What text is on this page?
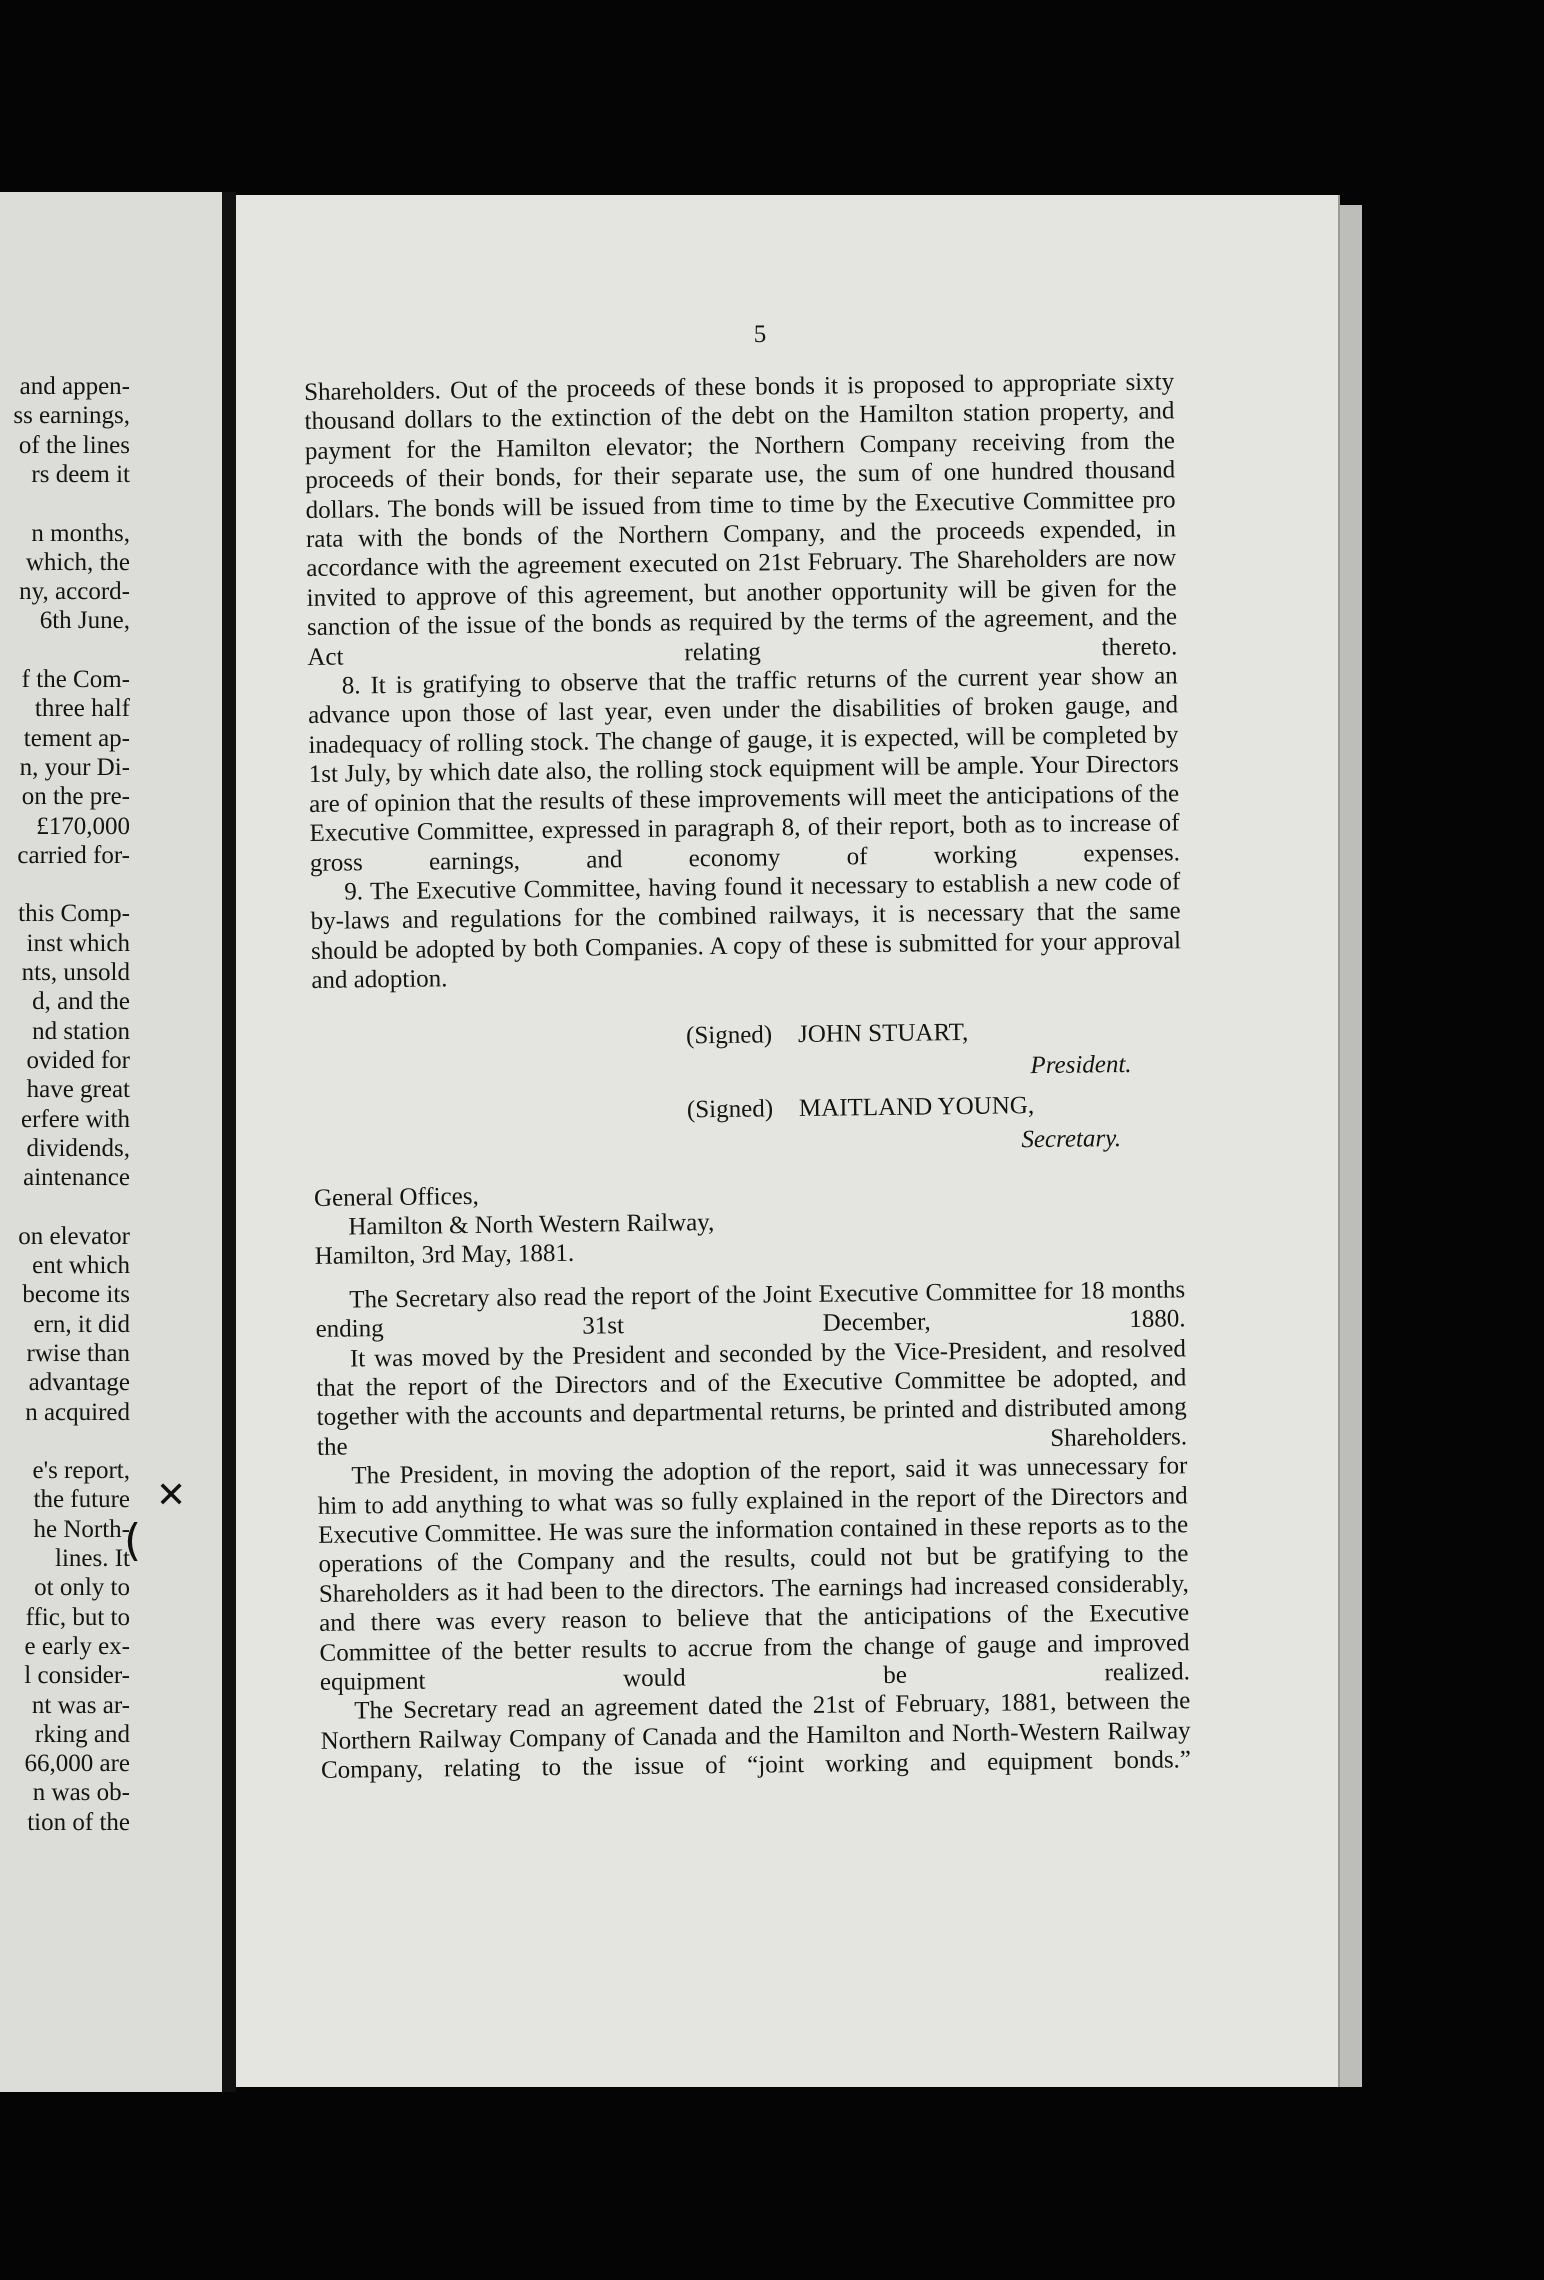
and appen-
ss earnings,
of the lines
rs deem it
n months,
which, the
ny, accord-
6th June,
f the Com-
three half
tement ap-
n, your Di-
on the pre-
£170,000
carried for-
this Comp-
inst which
nts, unsold
d, and the
nd station
ovided for
have great
erfere with
dividends,
aintenance
on elevator
ent which
become its
ern, it did
rwise than
advantage
n acquired
e's report,
the future
he North-
lines. It
ot only to
ffic, but to
e early ex-
l consider-
nt was ar-
rking and
66,000 are
n was ob-
tion of the
5

Shareholders. Out of the proceeds of these bonds it is proposed to appropriate sixty thousand dollars to the extinction of the debt on the Hamilton station property, and payment for the Hamilton elevator; the Northern Company receiving from the proceeds of their bonds, for their separate use, the sum of one hundred thousand dollars. The bonds will be issued from time to time by the Executive Committee pro rata with the bonds of the Northern Company, and the proceeds expended, in accordance with the agreement executed on 21st February. The Shareholders are now invited to approve of this agreement, but another opportunity will be given for the sanction of the issue of the bonds as required by the terms of the agreement, and the Act relating thereto.

8. It is gratifying to observe that the traffic returns of the current year show an advance upon those of last year, even under the disabilities of broken gauge, and inadequacy of rolling stock. The change of gauge, it is expected, will be completed by 1st July, by which date also, the rolling stock equipment will be ample. Your Directors are of opinion that the results of these improvements will meet the anticipations of the Executive Committee, expressed in paragraph 8, of their report, both as to increase of gross earnings, and economy of working expenses.

9. The Executive Committee, having found it necessary to establish a new code of by-laws and regulations for the combined railways, it is necessary that the same should be adopted by both Companies. A copy of these is submitted for your approval and adoption.

(Signed) JOHN STUART,
President.
(Signed) MAITLAND YOUNG,
Secretary.
General Offices,
Hamilton & North Western Railway,
Hamilton, 3rd May, 1881.

The Secretary also read the report of the Joint Executive Committee for 18 months ending 31st December, 1880.

It was moved by the President and seconded by the Vice-President, and resolved that the report of the Directors and of the Executive Committee be adopted, and together with the accounts and departmental returns, be printed and distributed among the Shareholders.

The President, in moving the adoption of the report, said it was unnecessary for him to add anything to what was so fully explained in the report of the Directors and Executive Committee. He was sure the information contained in these reports as to the operations of the Company and the results, could not but be gratifying to the Shareholders as it had been to the directors. The earnings had increased considerably, and there was every reason to believe that the anticipations of the Executive Committee of the better results to accrue from the change of gauge and improved equipment would be realized.

The Secretary read an agreement dated the 21st of February, 1881, between the Northern Railway Company of Canada and the Hamilton and North-Western Railway Company, relating to the issue of “joint working and equipment bonds.”

✕
(
